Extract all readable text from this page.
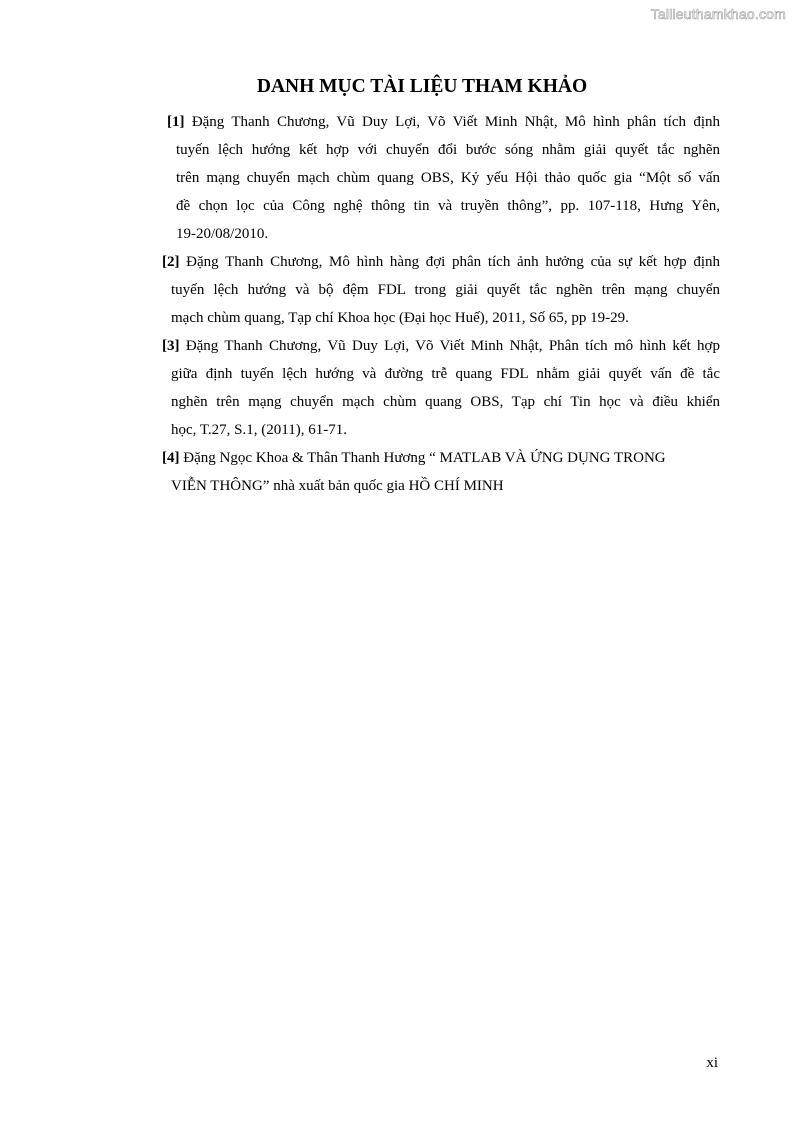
Tailieuthamkhao.com
DANH MỤC TÀI LIỆU THAM KHẢO
[1] Đặng Thanh Chương, Vũ Duy Lợi, Võ Viết Minh Nhật, Mô hình phân tích định
tuyến lệch hướng kết hợp với chuyển đổi bước sóng nhằm giải quyết tắc nghẽn
trên mạng chuyển mạch chùm quang OBS, Kỷ yếu Hội thảo quốc gia “Một số vấn
đề chọn lọc của Công nghệ thông tin và truyền thông”, pp. 107-118, Hưng Yên,
19-20/08/2010.
[2] Đặng Thanh Chương, Mô hình hàng đợi phân tích ảnh hưởng của sự kết hợp định
tuyến lệch hướng và bộ đệm FDL trong giải quyết tắc nghẽn trên mạng chuyển
mạch chùm quang, Tạp chí Khoa học (Đại học Huế), 2011, Số 65, pp 19-29.
[3] Đặng Thanh Chương, Vũ Duy Lợi, Võ Viết Minh Nhật, Phân tích mô hình kết hợp
giữa định tuyến lệch hướng và đường trễ quang FDL nhằm giải quyết vấn đề tắc
nghẽn trên mạng chuyển mạch chùm quang OBS, Tạp chí Tin học và điều khiển
học, T.27, S.1, (2011), 61-71.
[4] Đặng Ngọc Khoa & Thân Thanh Hương “ MATLAB VÀ ỨNG DỤNG TRONG
VIỄN THÔNG” nhà xuất bản quốc gia HỒ CHÍ MINH
xi
